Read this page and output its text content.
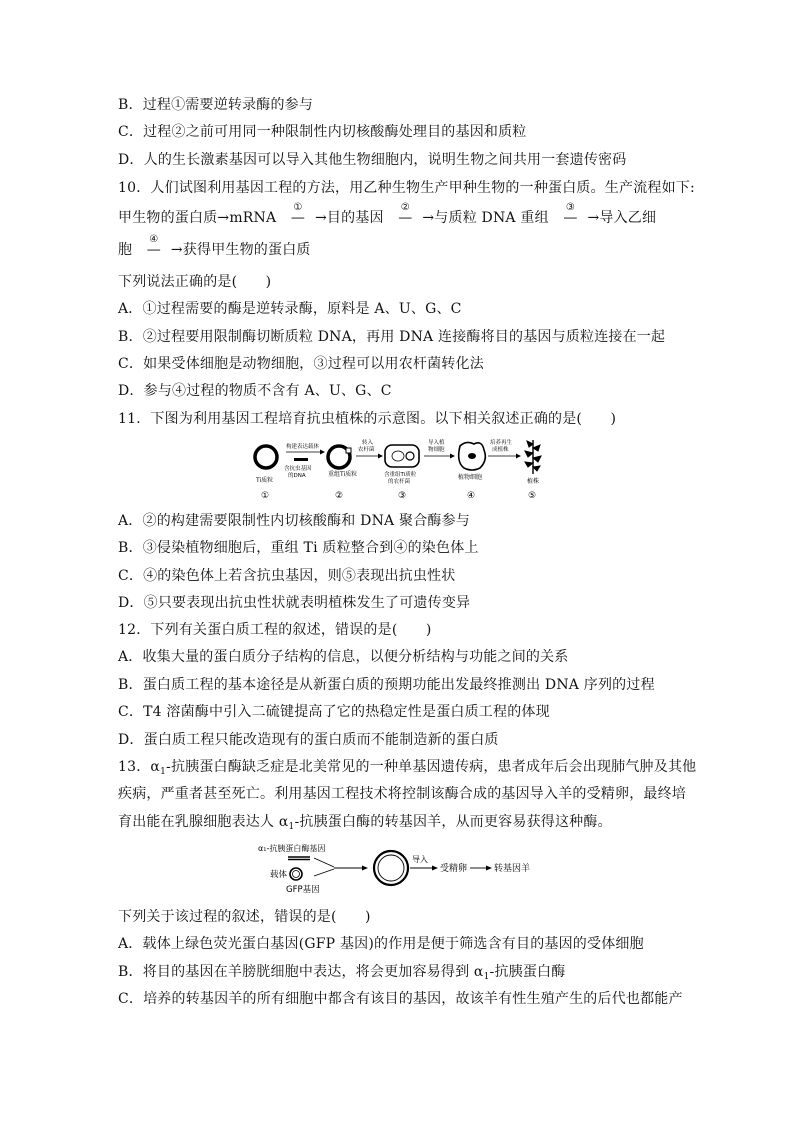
B．过程①需要逆转录酶的参与
C．过程②之前可用同一种限制性内切核酸酶处理目的基因和质粒
D．人的生长激素基因可以导入其他生物细胞内，说明生物之间共用一套遗传密码
10．人们试图利用基因工程的方法，用乙种生物生产甲种生物的一种蛋白质。生产流程如下:
甲生物的蛋白质→mRNA
①
— →目的基因
②
— →与质粒 DNA 重组
③
— →导入乙细
胞
④
— →获得甲生物的蛋白质
下列说法正确的是(　　)
A．①过程需要的酶是逆转录酶，原料是 A、U、G、C
B．②过程要用限制酶切断质粒 DNA，再用 DNA 连接酶将目的基因与质粒连接在一起
C．如果受体细胞是动物细胞，③过程可以用农杆菌转化法
D．参与④过程的物质不含有 A、U、G、C
11．下图为利用基因工程培育抗虫植株的示意图。以下相关叙述正确的是(　　)
Ti质粒
①
构建表达载体
含抗虫基因
的DNA	重组Ti质粒
②
转入
农杆菌
含重组Ti质粒
的农杆菌
③
导入植
物细胞
植物细胞
④
培养再生
成植株
植株
⑤
A．②的构建需要限制性内切核酸酶和 DNA 聚合酶参与
B．③侵染植物细胞后，重组 Ti 质粒整合到④的染色体上
C．④的染色体上若含抗虫基因，则⑤表现出抗虫性状
D．⑤只要表现出抗虫性状就表明植株发生了可遗传变异
12．下列有关蛋白质工程的叙述，错误的是(　　)
A．收集大量的蛋白质分子结构的信息，以便分析结构与功能之间的关系
B．蛋白质工程的基本途径是从新蛋白质的预期功能出发最终推测出 DNA 序列的过程
C．T4 溶菌酶中引入二硫键提高了它的热稳定性是蛋白质工程的体现
D．蛋白质工程只能改造现有的蛋白质而不能制造新的蛋白质
13．$\alpha_1-$抗胰蛋白酶缺乏症是北美常见的一种单基因遗传病，患者成年后会出现肺气肿及其他
疾病，严重者甚至死亡。利用基因工程技术将控制该酶合成的基因导入羊的受精卵，最终培
育出能在乳腺细胞表达人 $\alpha_1-$抗胰蛋白酶的转基因羊，从而更容易获得这种酶。
α₁-抗胰蛋白酶基因
载体
GFP基因
导入
受精卵	转基因羊
下列关于该过程的叙述，错误的是(　　)
A．载体上绿色荧光蛋白基因(GFP 基因)的作用是便于筛选含有目的基因的受体细胞
B．将目的基因在羊膀胱细胞中表达，将会更加容易得到 $\alpha_1-$抗胰蛋白酶
C．培养的转基因羊的所有细胞中都含有该目的基因，故该羊有性生殖产生的后代也都能产
